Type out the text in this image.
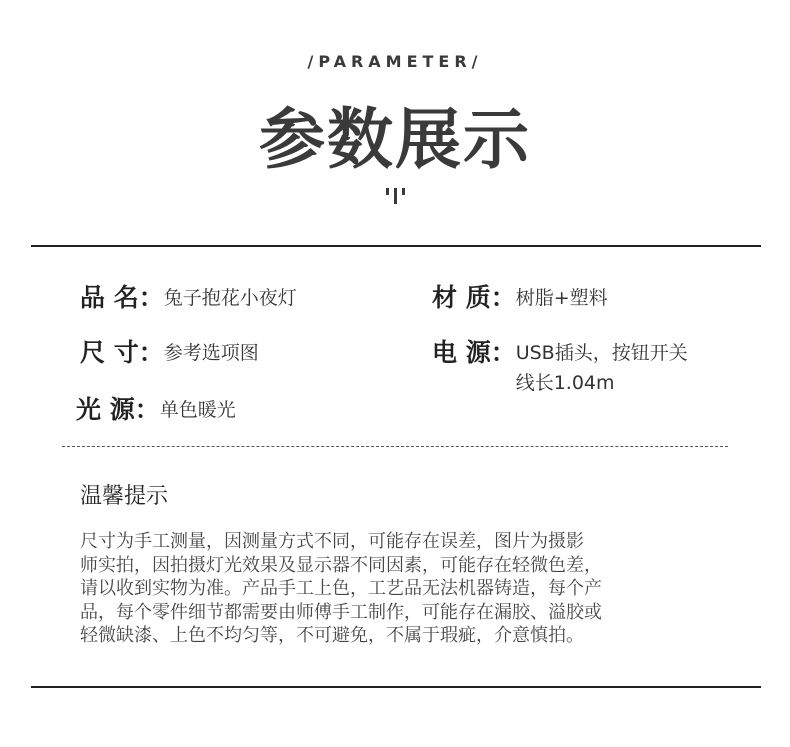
/PARAMETER/
参数展示
品 名： 兔子抱花小夜灯
尺 寸： 参考选项图
光 源： 单色暖光
材 质： 树脂+塑料
电 源： USB插头，按钮开关
线长1.04m
温馨提示
尺寸为手工测量，因测量方式不同，可能存在误差，图片为摄影
师实拍，因拍摄灯光效果及显示器不同因素，可能存在轻微色差，
请以收到实物为准。产品手工上色，工艺品无法机器铸造，每个产
品，每个零件细节都需要由师傅手工制作，可能存在漏胶、溢胶或
轻微缺漆、上色不均匀等，不可避免，不属于瑕疵，介意慎拍。
